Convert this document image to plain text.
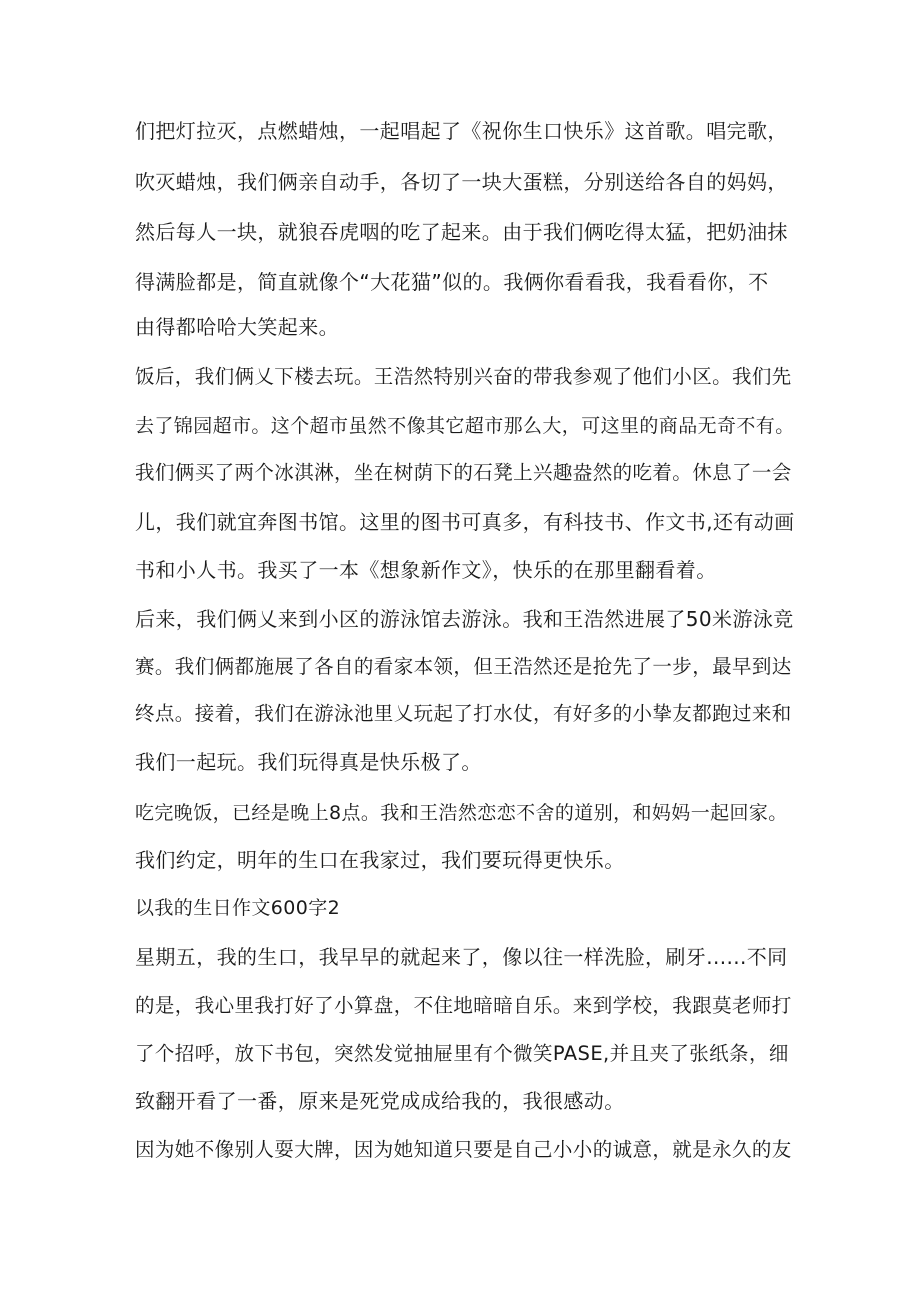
们把灯拉灭，点燃蜡烛，一起唱起了《祝你生口快乐》这首歌。唱完歌，
吹灭蜡烛，我们俩亲自动手，各切了一块大蛋糕，分别送给各自的妈妈，
然后每人一块，就狼吞虎咽的吃了起来。由于我们俩吃得太猛，把奶油抹
得满脸都是，简直就像个“大花猫”似的。我俩你看看我，我看看你，不
由得都哈哈大笑起来。
饭后，我们俩乂下楼去玩。王浩然特别兴奋的带我参观了他们小区。我们先
去了锦园超市。这个超市虽然不像其它超市那么大，可这里的商品无奇不有。
我们俩买了两个冰淇淋，坐在树荫下的石凳上兴趣盎然的吃着。休息了一会
儿，我们就宜奔图书馆。这里的图书可真多，有科技书、作文书,还有动画
书和小人书。我买了一本《想象新作文》，快乐的在那里翻看着。
后来，我们俩乂来到小区的游泳馆去游泳。我和王浩然进展了50米游泳竞
赛。我们俩都施展了各自的看家本领，但王浩然还是抢先了一步，最早到达
终点。接着，我们在游泳池里乂玩起了打水仗，有好多的小挚友都跑过来和
我们一起玩。我们玩得真是快乐极了。
吃完晚饭，已经是晚上8点。我和王浩然恋恋不舍的道别，和妈妈一起回家。
我们约定，明年的生口在我家过，我们要玩得更快乐。
以我的生日作文600字2
星期五，我的生口，我早早的就起来了，像以往一样洗脸，刷牙......不同
的是，我心里我打好了小算盘，不住地暗暗自乐。来到学校，我跟莫老师打
了个招呼，放下书包，突然发觉抽屉里有个微笑PASE,并且夹了张纸条，细
致翻开看了一番，原来是死党成成给我的，我很感动。
因为她不像别人耍大牌，因为她知道只要是自己小小的诚意，就是永久的友
